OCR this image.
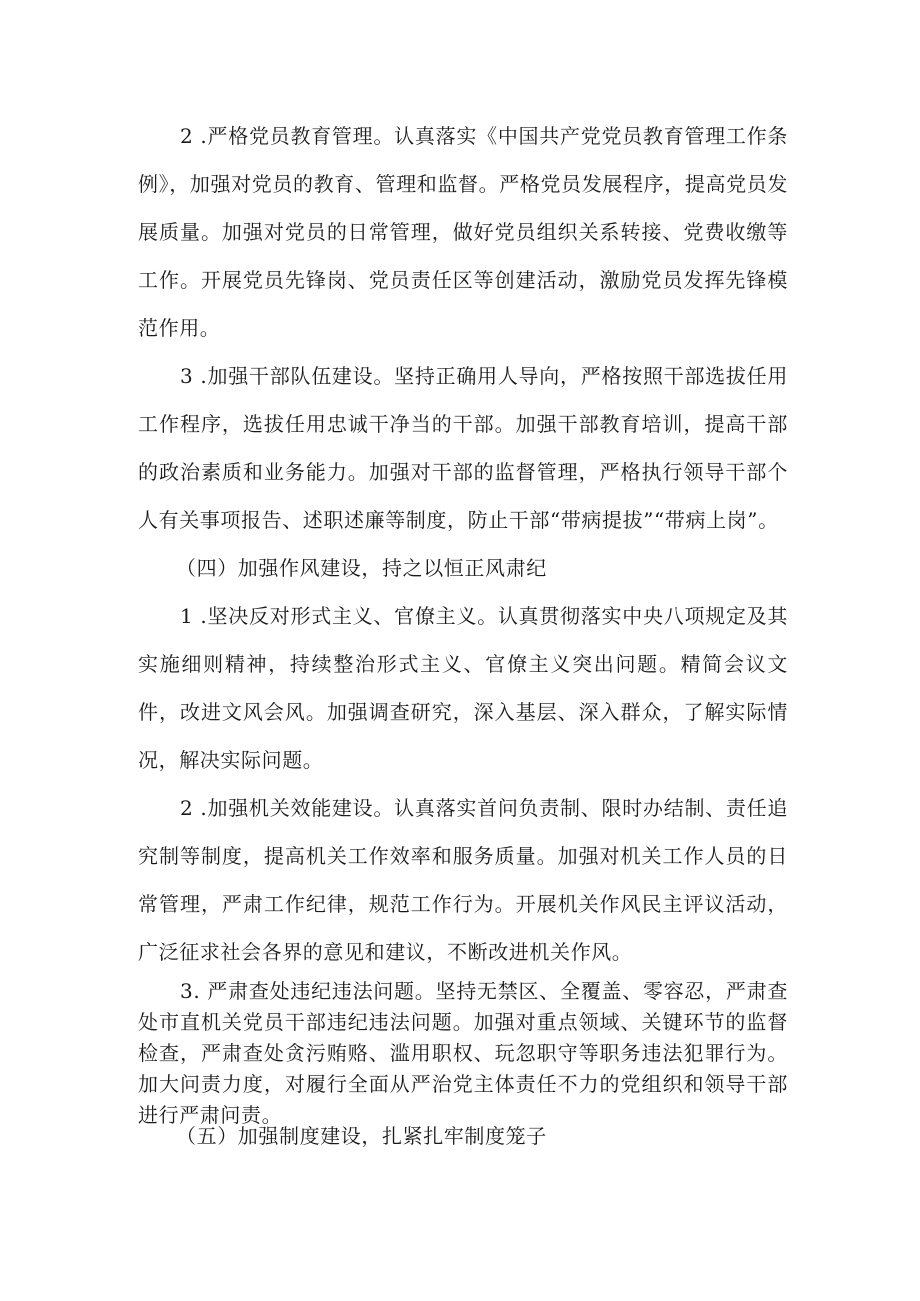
2 .严格党员教育管理。认真落实《中国共产党党员教育管理工作条例》，加强对党员的教育、管理和监督。严格党员发展程序，提高党员发展质量。加强对党员的日常管理，做好党员组织关系转接、党费收缴等工作。开展党员先锋岗、党员责任区等创建活动，激励党员发挥先锋模范作用。

3 .加强干部队伍建设。坚持正确用人导向，严格按照干部选拔任用工作程序，选拔任用忠诚干净当的干部。加强干部教育培训，提高干部的政治素质和业务能力。加强对干部的监督管理，严格执行领导干部个人有关事项报告、述职述廉等制度，防止干部“带病提拔”“带病上岗”。

（四）加强作风建设，持之以恒正风肃纪

1 .坚决反对形式主义、官僚主义。认真贯彻落实中央八项规定及其实施细则精神，持续整治形式主义、官僚主义突出问题。精简会议文件，改进文风会风。加强调查研究，深入基层、深入群众，了解实际情况，解决实际问题。

2 .加强机关效能建设。认真落实首问负责制、限时办结制、责任追究制等制度，提高机关工作效率和服务质量。加强对机关工作人员的日常管理，严肃工作纪律，规范工作行为。开展机关作风民主评议活动，广泛征求社会各界的意见和建议，不断改进机关作风。

3. 严肃查处违纪违法问题。坚持无禁区、全覆盖、零容忍，严肃查处市直机关党员干部违纪违法问题。加强对重点领域、关键环节的监督检查，严肃查处贪污贿赂、滥用职权、玩忽职守等职务违法犯罪行为。加大问责力度，对履行全面从严治党主体责任不力的党组织和领导干部进行严肃问责。

（五）加强制度建设，扎紧扎牢制度笼子
